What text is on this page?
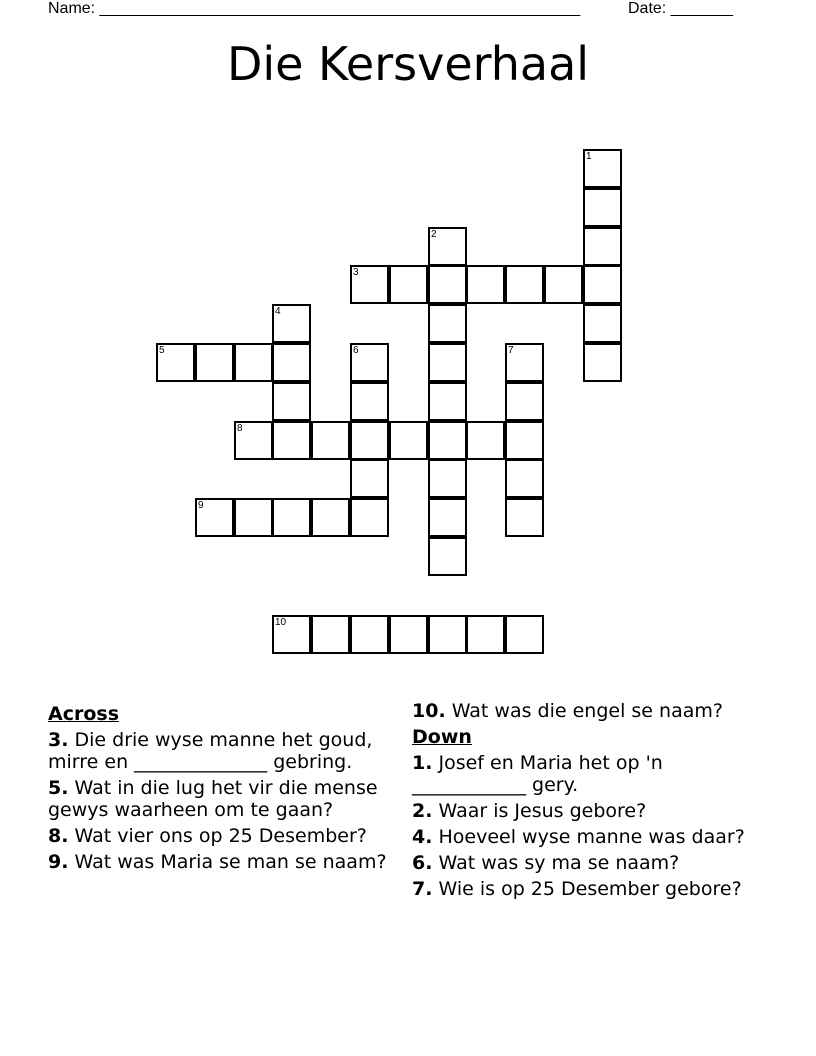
Name: ______________________________________________________	Date: _______
Die Kersverhaal
1
2
3
4
5	6	7
8
9
10
Across
3. Die drie wyse manne het goud, mirre en ______________ gebring.
5. Wat in die lug het vir die mense gewys waarheen om te gaan?
8. Wat vier ons op 25 Desember?
9. Wat was Maria se man se naam?
10. Wat was die engel se naam?
Down
1. Josef en Maria het op 'n ____________ gery.
2. Waar is Jesus gebore?
4. Hoeveel wyse manne was daar?
6. Wat was sy ma se naam?
7. Wie is op 25 Desember gebore?
